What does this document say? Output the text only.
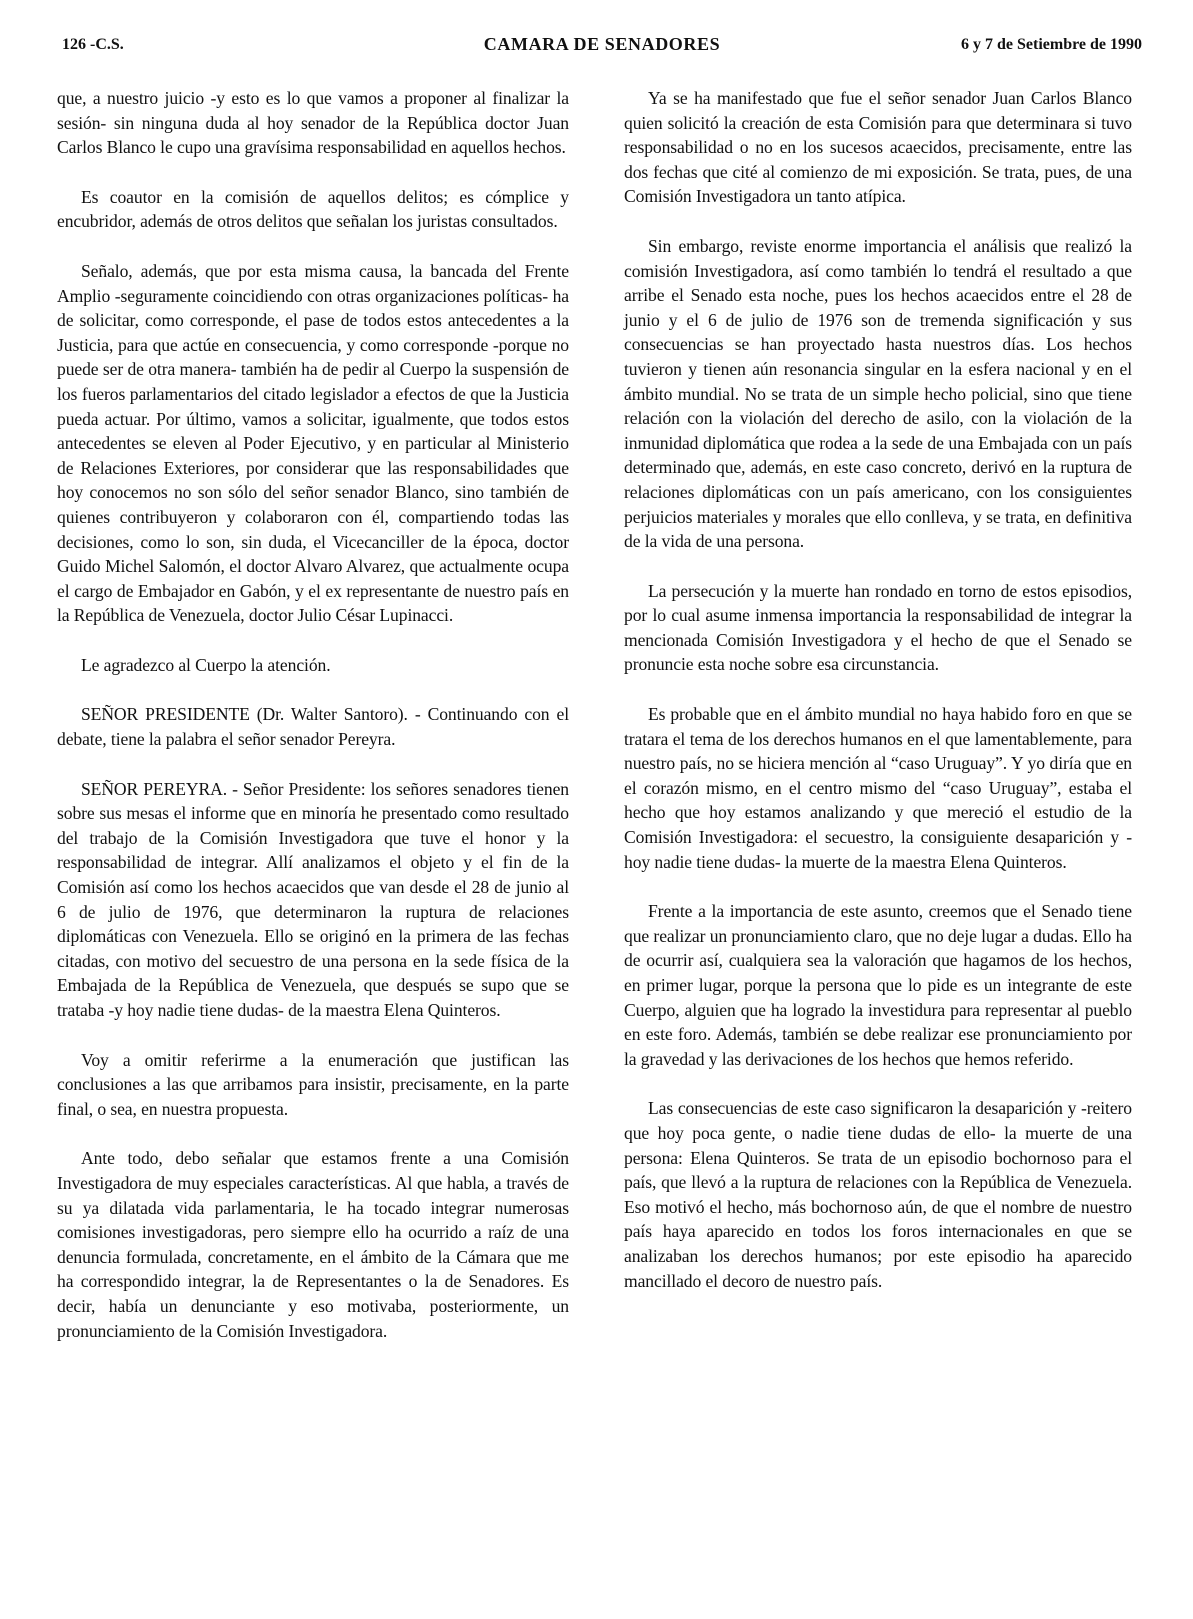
126 -C.S.	CAMARA DE SENADORES	6 y 7 de Setiembre de 1990

que, a nuestro juicio -y esto es lo que vamos a proponer al finalizar la sesión- sin ninguna duda al hoy senador de la República doctor Juan Carlos Blanco le cupo una gravísima responsabilidad en aquellos hechos.

Es coautor en la comisión de aquellos delitos; es cómplice y encubridor, además de otros delitos que señalan los juristas consultados.

Señalo, además, que por esta misma causa, la bancada del Frente Amplio -seguramente coincidiendo con otras organizaciones políticas- ha de solicitar, como corresponde, el pase de todos estos antecedentes a la Justicia, para que actúe en consecuencia, y como corresponde -porque no puede ser de otra manera- también ha de pedir al Cuerpo la suspensión de los fueros parlamentarios del citado legislador a efectos de que la Justicia pueda actuar. Por último, vamos a solicitar, igualmente, que todos estos antecedentes se eleven al Poder Ejecutivo, y en particular al Ministerio de Relaciones Exteriores, por considerar que las responsabilidades que hoy conocemos no son sólo del señor senador Blanco, sino también de quienes contribuyeron y colaboraron con él, compartiendo todas las decisiones, como lo son, sin duda, el Vicecanciller de la época, doctor Guido Michel Salomón, el doctor Alvaro Alvarez, que actualmente ocupa el cargo de Embajador en Gabón, y el ex representante de nuestro país en la República de Venezuela, doctor Julio César Lupinacci.

Le agradezco al Cuerpo la atención.

SEÑOR PRESIDENTE (Dr. Walter Santoro). - Continuando con el debate, tiene la palabra el señor senador Pereyra.

SEÑOR PEREYRA. - Señor Presidente: los señores senadores tienen sobre sus mesas el informe que en minoría he presentado como resultado del trabajo de la Comisión Investigadora que tuve el honor y la responsabilidad de integrar. Allí analizamos el objeto y el fin de la Comisión así como los hechos acaecidos que van desde el 28 de junio al 6 de julio de 1976, que determinaron la ruptura de relaciones diplomáticas con Venezuela. Ello se originó en la primera de las fechas citadas, con motivo del secuestro de una persona en la sede física de la Embajada de la República de Venezuela, que después se supo que se trataba -y hoy nadie tiene dudas- de la maestra Elena Quinteros.

Voy a omitir referirme a la enumeración que justifican las conclusiones a las que arribamos para insistir, precisamente, en la parte final, o sea, en nuestra propuesta.

Ante todo, debo señalar que estamos frente a una Comisión Investigadora de muy especiales características. Al que habla, a través de su ya dilatada vida parlamentaria, le ha tocado integrar numerosas comisiones investigadoras, pero siempre ello ha ocurrido a raíz de una denuncia formulada, concretamente, en el ámbito de la Cámara que me ha correspondido integrar, la de Representantes o la de Senadores. Es decir, había un denunciante y eso motivaba, posteriormente, un pronunciamiento de la Comisión Investigadora.

Ya se ha manifestado que fue el señor senador Juan Carlos Blanco quien solicitó la creación de esta Comisión para que determinara si tuvo responsabilidad o no en los sucesos acaecidos, precisamente, entre las dos fechas que cité al comienzo de mi exposición. Se trata, pues, de una Comisión Investigadora un tanto atípica.

Sin embargo, reviste enorme importancia el análisis que realizó la comisión Investigadora, así como también lo tendrá el resultado a que arribe el Senado esta noche, pues los hechos acaecidos entre el 28 de junio y el 6 de julio de 1976 son de tremenda significación y sus consecuencias se han proyectado hasta nuestros días. Los hechos tuvieron y tienen aún resonancia singular en la esfera nacional y en el ámbito mundial. No se trata de un simple hecho policial, sino que tiene relación con la violación del derecho de asilo, con la violación de la inmunidad diplomática que rodea a la sede de una Embajada con un país determinado que, además, en este caso concreto, derivó en la ruptura de relaciones diplomáticas con un país americano, con los consiguientes perjuicios materiales y morales que ello conlleva, y se trata, en definitiva de la vida de una persona.

La persecución y la muerte han rondado en torno de estos episodios, por lo cual asume inmensa importancia la responsabilidad de integrar la mencionada Comisión Investigadora y el hecho de que el Senado se pronuncie esta noche sobre esa circunstancia.

Es probable que en el ámbito mundial no haya habido foro en que se tratara el tema de los derechos humanos en el que lamentablemente, para nuestro país, no se hiciera mención al “caso Uruguay”. Y yo diría que en el corazón mismo, en el centro mismo del “caso Uruguay”, estaba el hecho que hoy estamos analizando y que mereció el estudio de la Comisión Investigadora: el secuestro, la consiguiente desaparición y -hoy nadie tiene dudas- la muerte de la maestra Elena Quinteros.

Frente a la importancia de este asunto, creemos que el Senado tiene que realizar un pronunciamiento claro, que no deje lugar a dudas. Ello ha de ocurrir así, cualquiera sea la valoración que hagamos de los hechos, en primer lugar, porque la persona que lo pide es un integrante de este Cuerpo, alguien que ha logrado la investidura para representar al pueblo en este foro. Además, también se debe realizar ese pronunciamiento por la gravedad y las derivaciones de los hechos que hemos referido.

Las consecuencias de este caso significaron la desaparición y -reitero que hoy poca gente, o nadie tiene dudas de ello- la muerte de una persona: Elena Quinteros. Se trata de un episodio bochornoso para el país, que llevó a la ruptura de relaciones con la República de Venezuela. Eso motivó el hecho, más bochornoso aún, de que el nombre de nuestro país haya aparecido en todos los foros internacionales en que se analizaban los derechos humanos; por este episodio ha aparecido mancillado el decoro de nuestro país.
